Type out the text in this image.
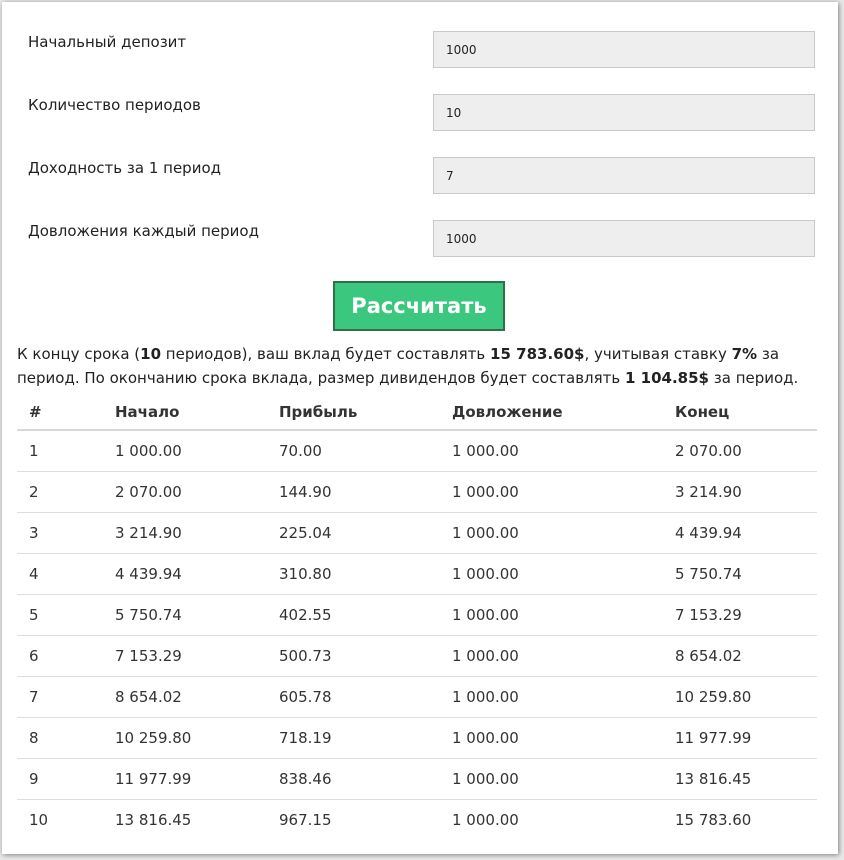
Начальный депозит
1000
Количество периодов
10
Доходность за 1 период
7
Довложения каждый период
1000
Рассчитать
К концу срока (10 периодов), ваш вклад будет составлять 15 783.60$, учитывая ставку 7% за период. По окончанию срока вклада, размер дивидендов будет составлять 1 104.85$ за период.
#	Начало	Прибыль	Довложение	Конец
1	1 000.00	70.00	1 000.00	2 070.00
2	2 070.00	144.90	1 000.00	3 214.90
3	3 214.90	225.04	1 000.00	4 439.94
4	4 439.94	310.80	1 000.00	5 750.74
5	5 750.74	402.55	1 000.00	7 153.29
6	7 153.29	500.73	1 000.00	8 654.02
7	8 654.02	605.78	1 000.00	10 259.80
8	10 259.80	718.19	1 000.00	11 977.99
9	11 977.99	838.46	1 000.00	13 816.45
10	13 816.45	967.15	1 000.00	15 783.60
